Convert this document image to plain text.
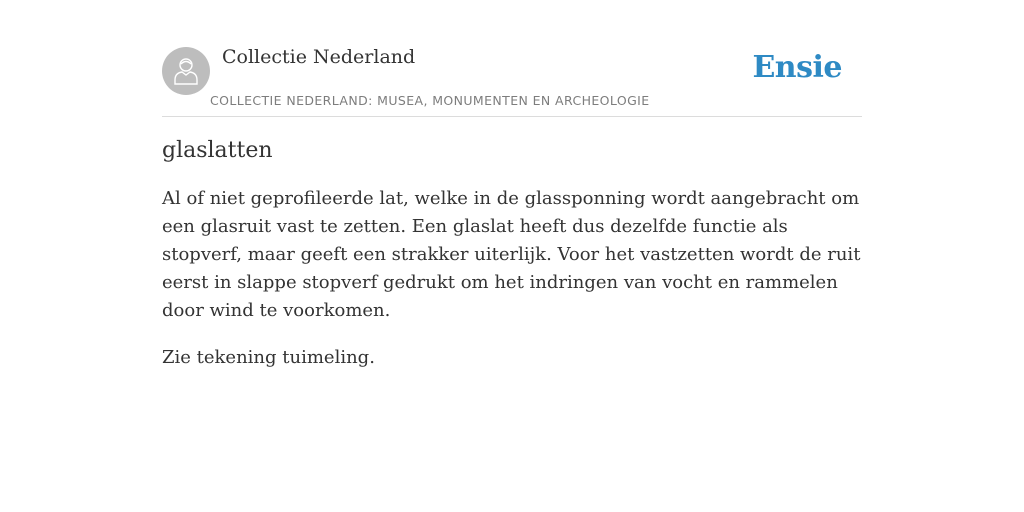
Collectie Nederland
COLLECTIE NEDERLAND: MUSEA, MONUMENTEN EN ARCHEOLOGIE
Ensie
glaslatten

Al of niet geprofileerde lat, welke in de glassponning wordt aangebracht om een glasruit vast te zetten. Een glaslat heeft dus dezelfde functie als stopverf, maar geeft een strakker uiterlijk. Voor het vastzetten wordt de ruit eerst in slappe stopverf gedrukt om het indringen van vocht en rammelen door wind te voorkomen.

Zie tekening tuimeling.
